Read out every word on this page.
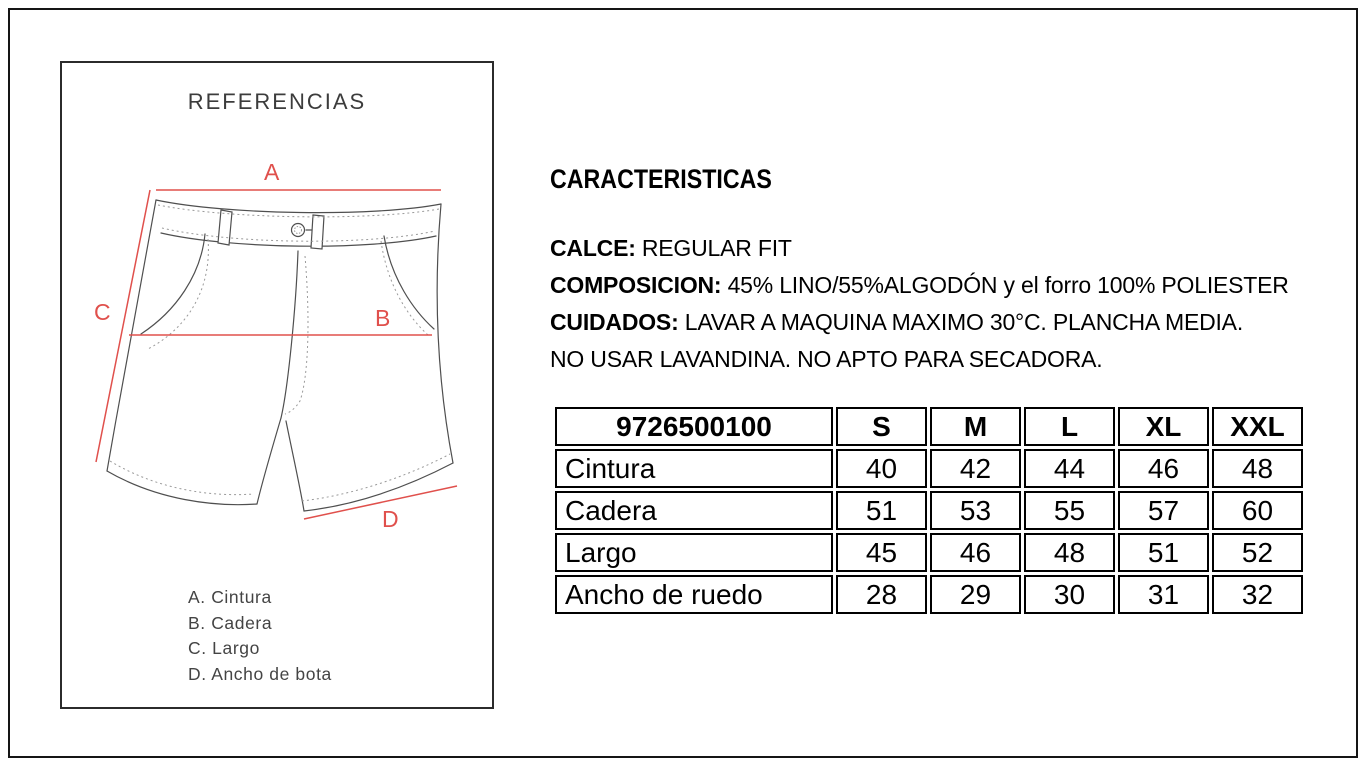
REFERENCIAS
A
B
C
D
A. Cintura
B. Cadera
C. Largo
D. Ancho de bota
CARACTERISTICAS
CALCE: REGULAR FIT
COMPOSICION: 45% LINO/55%ALGODÓN y el forro 100% POLIESTER
CUIDADOS: LAVAR A MAQUINA MAXIMO 30°C. PLANCHA MEDIA.
NO USAR LAVANDINA. NO APTO PARA SECADORA.
9726500100	S	M	L	XL	XXL
Cintura	40	42	44	46	48
Cadera	51	53	55	57	60
Largo	45	46	48	51	52
Ancho de ruedo	28	29	30	31	32
